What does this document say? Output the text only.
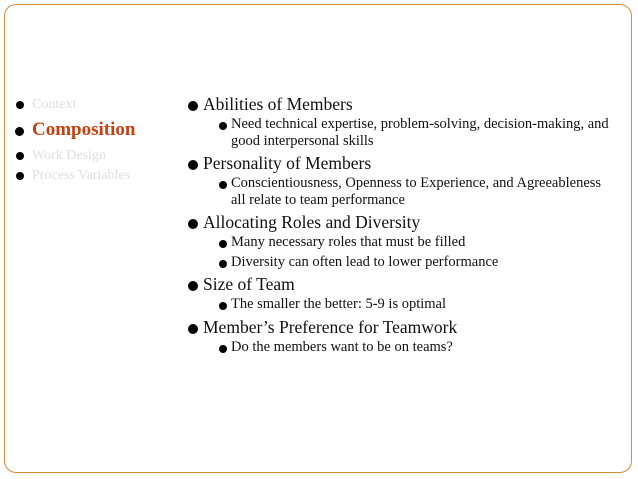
Context
Composition
Work Design
Process Variables
Abilities of Members
Need technical expertise, problem-solving, decision-making, and good interpersonal skills
Personality of Members
Conscientiousness, Openness to Experience, and Agreeableness all relate to team performance
Allocating Roles and Diversity
Many necessary roles that must be filled
Diversity can often lead to lower performance
Size of Team
The smaller the better: 5-9 is optimal
Member’s Preference for Teamwork
Do the members want to be on teams?
